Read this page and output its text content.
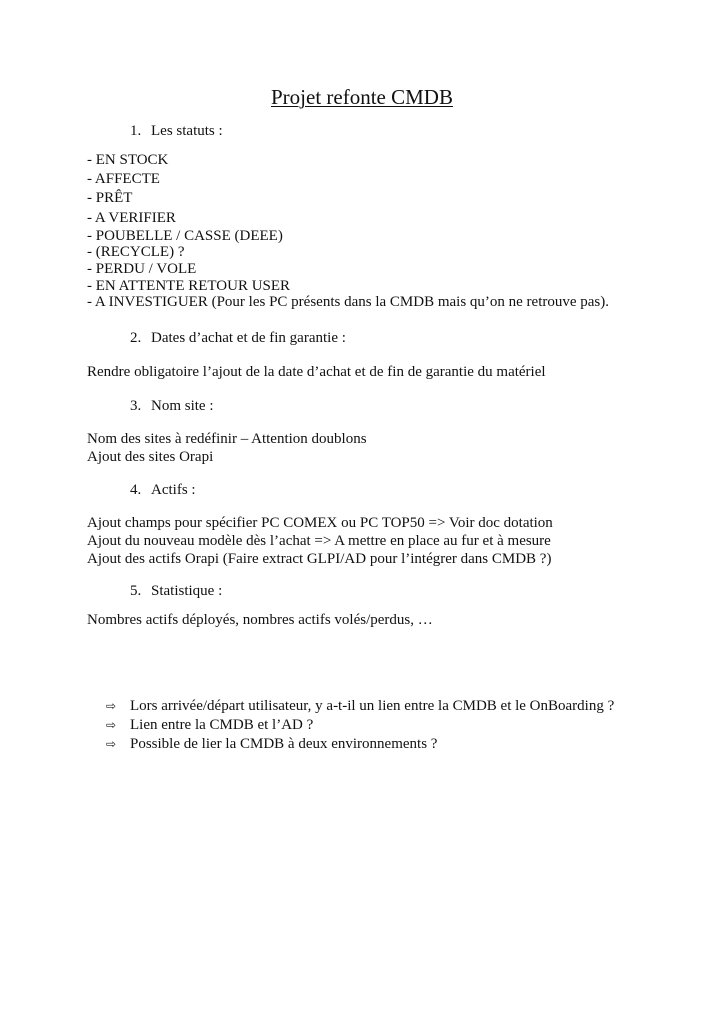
Projet refonte CMDB
1. Les statuts :
- EN STOCK
- AFFECTE
- PRÊT
- A VERIFIER
- POUBELLE / CASSE (DEEE)
- (RECYCLE) ?
- PERDU / VOLE
- EN ATTENTE RETOUR USER
- A INVESTIGUER (Pour les PC présents dans la CMDB mais qu’on ne retrouve pas).
2. Dates d’achat et de fin garantie :
Rendre obligatoire l’ajout de la date d’achat et de fin de garantie du matériel
3. Nom site :
Nom des sites à redéfinir – Attention doublons
Ajout des sites Orapi
4. Actifs :
Ajout champs pour spécifier PC COMEX ou PC TOP50 => Voir doc dotation
Ajout du nouveau modèle dès l’achat => A mettre en place au fur et à mesure
Ajout des actifs Orapi (Faire extract GLPI/AD pour l’intégrer dans CMDB ?)
5. Statistique :
Nombres actifs déployés, nombres actifs volés/perdus, …
⇨ Lors arrivée/départ utilisateur, y a-t-il un lien entre la CMDB et le OnBoarding ?
⇨ Lien entre la CMDB et l’AD ?
⇨ Possible de lier la CMDB à deux environnements ?
